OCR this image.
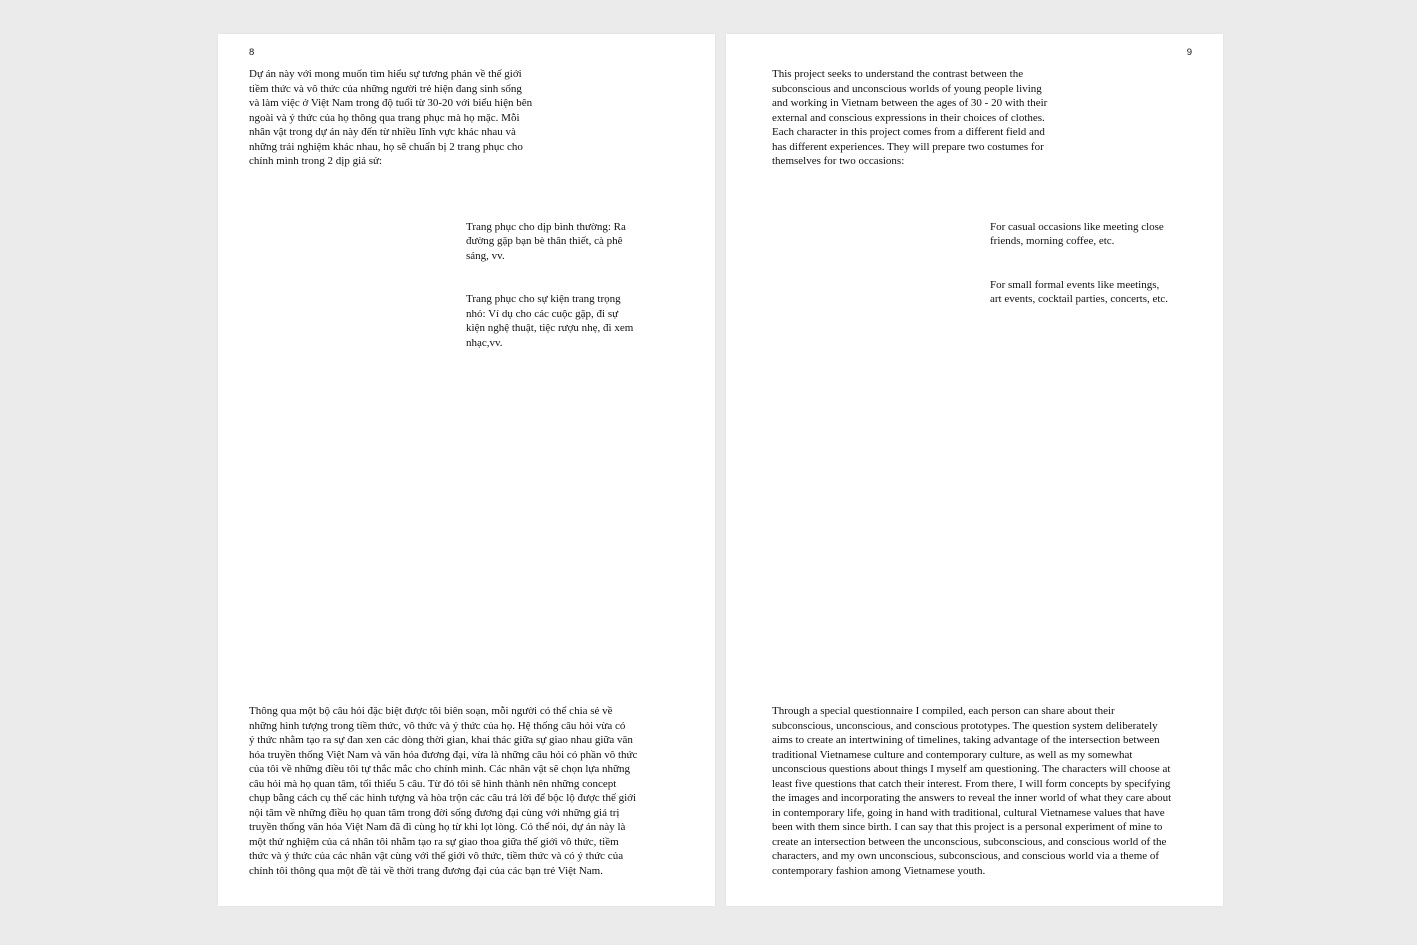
8

Dự án này với mong muốn tìm hiểu sự tương phản về thế giới
tiềm thức và vô thức của những người trẻ hiện đang sinh sống
và làm việc ở Việt Nam trong độ tuổi từ 30-20 với biểu hiện bên
ngoài và ý thức của họ thông qua trang phục mà họ mặc. Mỗi
nhân vật trong dự án này đến từ nhiều lĩnh vực khác nhau và
những trải nghiệm khác nhau, họ sẽ chuẩn bị 2 trang phục cho
chính mình trong 2 dịp giả sử:

Trang phục cho dịp bình thường: Ra
đường gặp bạn bè thân thiết, cà phê
sáng, vv.

Trang phục cho sự kiện trang trọng
nhỏ: Ví dụ cho các cuộc gặp, đi sự
kiện nghệ thuật, tiệc rượu nhẹ, đi xem
nhạc,vv.

Thông qua một bộ câu hỏi đặc biệt được tôi biên soạn, mỗi người có thể chia sẻ về
những hình tượng trong tiềm thức, vô thức và ý thức của họ. Hệ thống câu hỏi vừa có
ý thức nhằm tạo ra sự đan xen các dòng thời gian, khai thác giữa sự giao nhau giữa văn
hóa truyền thống Việt Nam và văn hóa đương đại, vừa là những câu hỏi có phần vô thức
của tôi về những điều tôi tự thắc mắc cho chính mình. Các nhân vật sẽ chọn lựa những
câu hỏi mà họ quan tâm, tối thiểu 5 câu. Từ đó tôi sẽ hình thành nên những concept
chụp bằng cách cụ thể các hình tượng và hòa trộn các câu trả lời để bộc lộ được thế giới
nội tâm về những điều họ quan tâm trong đời sống đương đại cùng với những giá trị
truyền thống văn hóa Việt Nam đã đi cùng họ từ khi lọt lòng. Có thể nói, dự án này là
một thử nghiệm của cá nhân tôi nhằm tạo ra sự giao thoa giữa thế giới vô thức, tiềm
thức và ý thức của các nhân vật cùng với thế giới vô thức, tiềm thức và có ý thức của
chính tôi thông qua một đề tài về thời trang đương đại của các bạn trẻ Việt Nam.

9

This project seeks to understand the contrast between the
subconscious and unconscious worlds of young people living
and working in Vietnam between the ages of 30 - 20 with their
external and conscious expressions in their choices of clothes.
Each character in this project comes from a different field and
has different experiences. They will prepare two costumes for
themselves for two occasions:

For casual occasions like meeting close
friends, morning coffee, etc.

For small formal events like meetings,
art events, cocktail parties, concerts, etc.

Through a special questionnaire I compiled, each person can share about their
subconscious, unconscious, and conscious prototypes. The question system deliberately
aims to create an intertwining of timelines, taking advantage of the intersection between
traditional Vietnamese culture and contemporary culture, as well as my somewhat
unconscious questions about things I myself am questioning. The characters will choose at
least five questions that catch their interest. From there, I will form concepts by specifying
the images and incorporating the answers to reveal the inner world of what they care about
in contemporary life, going in hand with traditional, cultural Vietnamese values that have
been with them since birth. I can say that this project is a personal experiment of mine to
create an intersection between the unconscious, subconscious, and conscious world of the
characters, and my own unconscious, subconscious, and conscious world via a theme of
contemporary fashion among Vietnamese youth.
